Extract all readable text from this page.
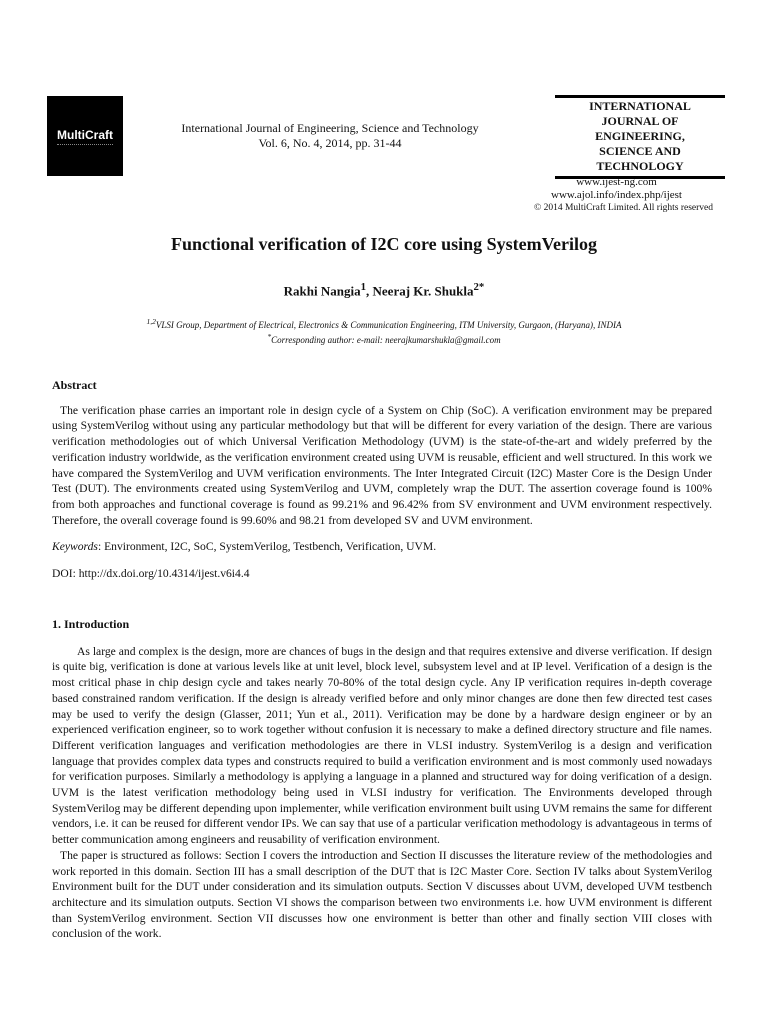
MultiCraft	International Journal of Engineering, Science and Technology
Vol. 6, No. 4, 2014, pp. 31-44
INTERNATIONAL
JOURNAL OF
ENGINEERING,
SCIENCE AND
TECHNOLOGY
www.ijest-ng.com
www.ajol.info/index.php/ijest
© 2014 MultiCraft Limited. All rights reserved
Functional verification of I2C core using SystemVerilog
Rakhi Nangia$^1$, Neeraj Kr. Shukla$^{2*}$
$^{1,2}$VLSI Group, Department of Electrical, Electronics & Communication Engineering, ITM University, Gurgaon, (Haryana), INDIA
*Corresponding author: e-mail: neerajkumarshukla@gmail.com
Abstract

The verification phase carries an important role in design cycle of a System on Chip (SoC). A verification environment may be prepared using SystemVerilog without using any particular methodology but that will be different for every variation of the design. There are various verification methodologies out of which Universal Verification Methodology (UVM) is the state-of-the-art and widely preferred by the verification industry worldwide, as the verification environment created using UVM is reusable, efficient and well structured. In this work we have compared the SystemVerilog and UVM verification environments. The Inter Integrated Circuit (I2C) Master Core is the Design Under Test (DUT). The environments created using SystemVerilog and UVM, completely wrap the DUT. The assertion coverage found is 100% from both approaches and functional coverage is found as 99.21% and 96.42% from SV environment and UVM environment respectively. Therefore, the overall coverage found is 99.60% and 98.21 from developed SV and UVM environment.

Keywords: Environment, I2C, SoC, SystemVerilog, Testbench, Verification, UVM.
DOI: http://dx.doi.org/10.4314/ijest.v6i4.4
1. Introduction

As large and complex is the design, more are chances of bugs in the design and that requires extensive and diverse verification. If design is quite big, verification is done at various levels like at unit level, block level, subsystem level and at IP level. Verification of a design is the most critical phase in chip design cycle and takes nearly 70-80% of the total design cycle. Any IP verification requires in-depth coverage based constrained random verification. If the design is already verified before and only minor changes are done then few directed test cases may be used to verify the design (Glasser, 2011; Yun et al., 2011). Verification may be done by a hardware design engineer or by an experienced verification engineer, so to work together without confusion it is necessary to make a defined directory structure and file names. Different verification languages and verification methodologies are there in VLSI industry. SystemVerilog is a design and verification language that provides complex data types and constructs required to build a verification environment and is most commonly used nowadays for verification purposes. Similarly a methodology is applying a language in a planned and structured way for doing verification of a design. UVM is the latest verification methodology being used in VLSI industry for verification. The Environments developed through SystemVerilog may be different depending upon implementer, while verification environment built using UVM remains the same for different vendors, i.e. it can be reused for different vendor IPs. We can say that use of a particular verification methodology is advantageous in terms of better communication among engineers and reusability of verification environment.

The paper is structured as follows: Section I covers the introduction and Section II discusses the literature review of the methodologies and work reported in this domain. Section III has a small description of the DUT that is I2C Master Core. Section IV talks about SystemVerilog Environment built for the DUT under consideration and its simulation outputs. Section V discusses about UVM, developed UVM testbench architecture and its simulation outputs. Section VI shows the comparison between two environments i.e. how UVM environment is different than SystemVerilog environment. Section VII discusses how one environment is better than other and finally section VIII closes with conclusion of the work.
